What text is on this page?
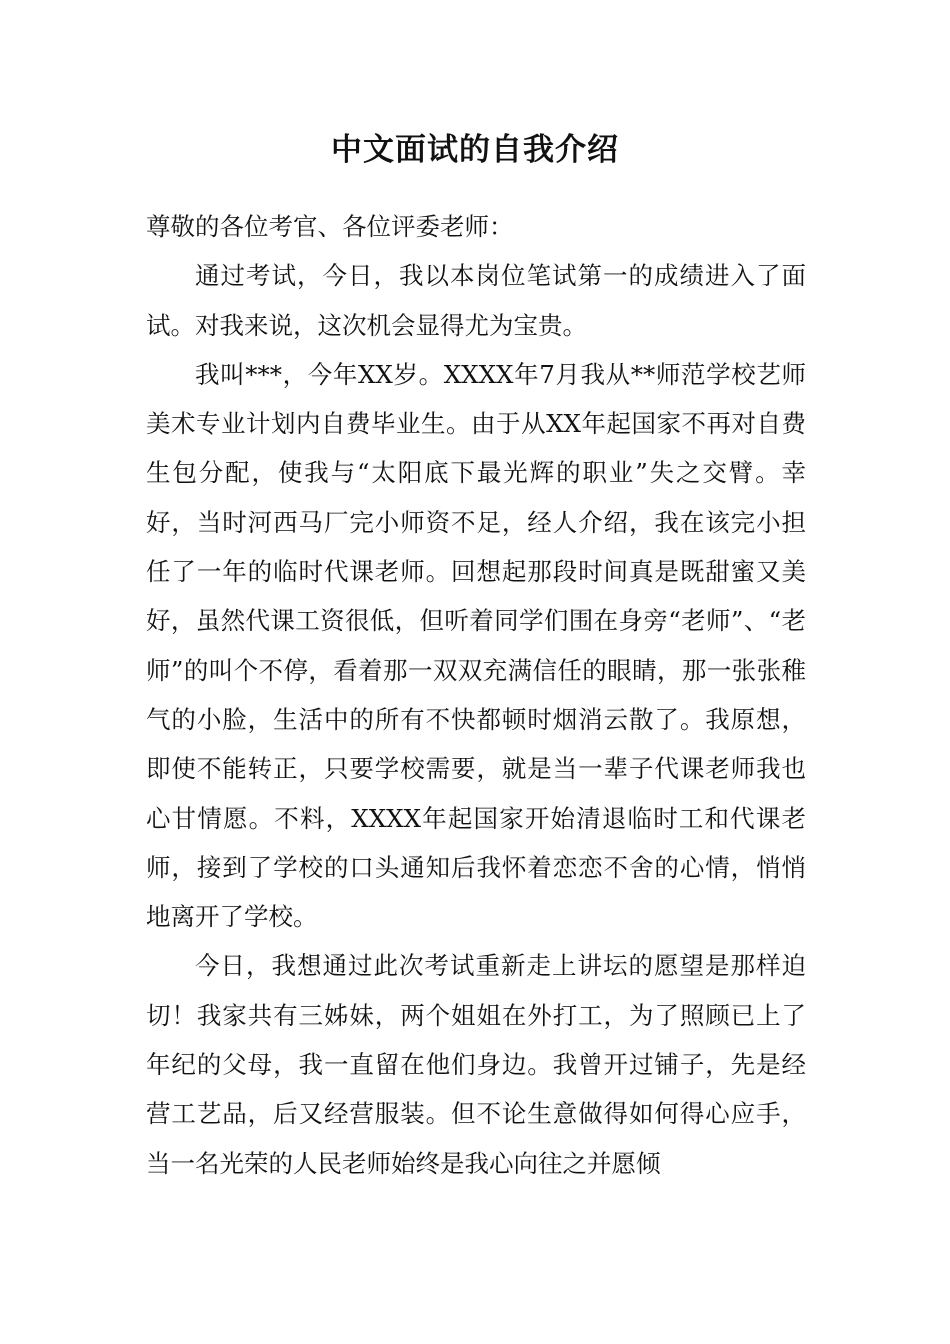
中文面试的自我介绍

尊敬的各位考官、各位评委老师：

通过考试，今日，我以本岗位笔试第一的成绩进入了面试。对我来说，这次机会显得尤为宝贵。

我叫***，今年XX岁。XXXX年7月我从**师范学校艺师美术专业计划内自费毕业生。由于从XX年起国家不再对自费生包分配，使我与“太阳底下最光辉的职业”失之交臂。幸好，当时河西马厂完小师资不足，经人介绍，我在该完小担任了一年的临时代课老师。回想起那段时间真是既甜蜜又美好，虽然代课工资很低，但听着同学们围在身旁“老师”、“老师”的叫个不停，看着那一双双充满信任的眼睛，那一张张稚气的小脸，生活中的所有不快都顿时烟消云散了。我原想，即使不能转正，只要学校需要，就是当一辈子代课老师我也心甘情愿。不料，XXXX年起国家开始清退临时工和代课老师，接到了学校的口头通知后我怀着恋恋不舍的心情，悄悄地离开了学校。

今日，我想通过此次考试重新走上讲坛的愿望是那样迫切！我家共有三姊妹，两个姐姐在外打工，为了照顾已上了年纪的父母，我一直留在他们身边。我曾开过铺子，先是经营工艺品，后又经营服装。但不论生意做得如何得心应手，当一名光荣的人民老师始终是我心向往之并愿倾
